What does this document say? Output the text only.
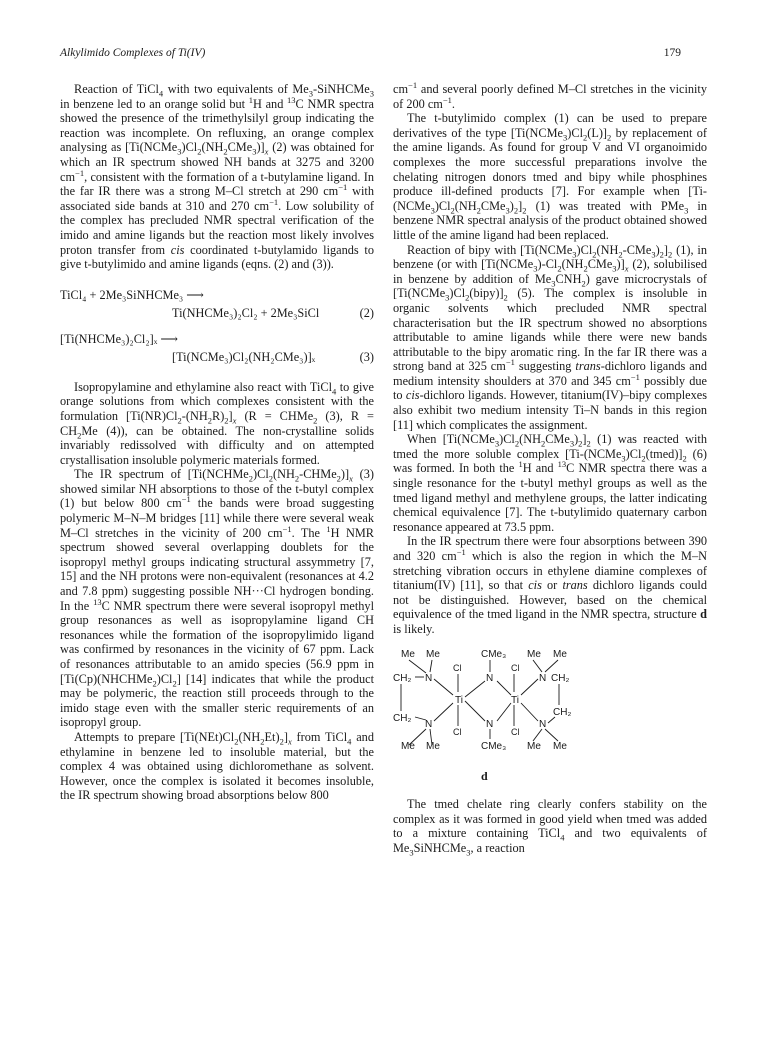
Alkylimido Complexes of Ti(IV)	179

Reaction of TiCl$_4$ with two equivalents of $Me_3-SiNHCMe_3$ in benzene led to an orange solid but $^1$H and $^{13}$C NMR spectra showed the presence of the trimethylsilyl group indicating the reaction was incomplete. On refluxing, an orange complex analysing as $[Ti(NCMe_3)Cl_2(NH_2CMe_3)]_x$ (2) was obtained for which an IR spectrum showed NH bands at 3275 and 3200 $cm^{-1}$, consistent with the formation of a t-butylamine ligand. In the far IR there was a strong M–Cl stretch at 290 $cm^{-1}$ with associated side bands at 310 and 270 $cm^{-1}$. Low solubility of the complex has precluded NMR spectral verification of the imido and amine ligands but the reaction most likely involves proton transfer from cis coordinated t-butylamido ligands to give t-butylimido and amine ligands (eqns. (2) and (3)).

TiCl₄ + 2Me₃SiNHCMe₃ ⟶
Ti(NHCMe₃)₂Cl₂ + 2Me₃SiCl	(2)
[Ti(NHCMe₃)₂Cl₂]ₓ ⟶
[Ti(NCMe₃)Cl₂(NH₂CMe₃)]ₓ	(3)

Isopropylamine and ethylamine also react with TiCl$_4$ to give orange solutions from which complexes consistent with the formulation $[Ti(NR)Cl_2-(NH_2R)_2]_x$ (R = CHMe$_2$ (3), $R = CH_2Me$ (4)), can be obtained. The non-crystalline solids invariably redissolved with difficulty and on attempted crystallisation insoluble polymeric materials formed.

The IR spectrum of $[Ti(NCHMe_2)Cl_2(NH_2-CHMe_2)]_x$ (3) showed similar NH absorptions to those of the t-butyl complex (1) but below 800 $cm^{-1}$ the bands were broad suggesting polymeric M–N–M bridges [11] while there were several weak M–Cl stretches in the vicinity of 200 $cm^{-1}$. The $^1$H NMR spectrum showed several overlapping doublets for the isopropyl methyl groups indicating structural assymmetry [7, 15] and the NH protons were non-equivalent (resonances at 4.2 and 7.8 ppm) suggesting possible NH···Cl hydrogen bonding. In the $^{13}$C NMR spectrum there were several isopropyl methyl group resonances as well as isopropylamine ligand CH resonances while the formation of the isopropylimido ligand was confirmed by resonances in the vicinity of 67 ppm. Lack of resonances attributable to an amido species (56.9 ppm in $[Ti(Cp)(NHCHMe_2)Cl_2]$ [14] indicates that while the product may be polymeric, the reaction still proceeds through to the imido stage even with the smaller steric requirements of an isopropyl group.

Attempts to prepare $[Ti(NEt)Cl_2(NH_2Et)_2]_x$ from TiCl$_4$ and ethylamine in benzene led to insoluble material, but the complex 4 was obtained using dichloromethane as solvent. However, once the complex is isolated it becomes insoluble, the IR spectrum showing broad absorptions below 800

$cm^{-1}$ and several poorly defined M–Cl stretches in the vicinity of 200 $cm^{-1}$.

The t-butylimido complex (1) can be used to prepare derivatives of the type $[Ti(NCMe_3)Cl_2(L)]_2$ by replacement of the amine ligands. As found for group V and VI organoimido complexes the more successful preparations involve the chelating nitrogen donors tmed and bipy while phosphines produce ill-defined products [7]. For example when $[Ti-(NCMe_3)Cl_2(NH_2CMe_3)_2]_2$ (1) was treated with PMe$_3$ in benzene NMR spectral analysis of the product obtained showed little of the amine ligand had been replaced.

Reaction of bipy with $[Ti(NCMe_3)Cl_2(NH_2-CMe_3)_2]_2$ (1), in benzene (or with $[Ti(NCMe_3)-Cl_2(NH_2CMe_3)]_x$ (2), solubilised in benzene by addition of $Me_3CNH_2$) gave microcrystals of $[Ti(NCMe_3)Cl_2(bipy)]_2$ (5). The complex is insoluble in organic solvents which precluded NMR spectral characterisation but the IR spectrum showed no absorptions attributable to amine ligands while there were new bands attributable to the bipy aromatic ring. In the far IR there was a strong band at 325 $cm^{-1}$ suggesting trans-dichloro ligands and medium intensity shoulders at 370 and 345 $cm^{-1}$ possibly due to cis-dichloro ligands. However, titanium(IV)–bipy complexes also exhibit two medium intensity Ti–N bands in this region [11] which complicates the assignment.

When $[Ti(NCMe_3)Cl_2(NH_2CMe_3)_2]_2$ (1) was reacted with tmed the more soluble complex $[Ti-(NCMe_3)Cl_2(tmed)]_2$ (6) was formed. In both the $^1$H and $^{13}$C NMR spectra there was a single resonance for the t-butyl methyl groups as well as the tmed ligand methyl and methylene groups, the latter indicating chemical equivalence [7]. The t-butylimido quaternary carbon resonance appeared at 73.5 ppm.

In the IR spectrum there were four absorptions between 390 and 320 $cm^{-1}$ which is also the region in which the M–N stretching vibration occurs in ethylene diamine complexes of titanium(IV) [11], so that cis or trans dichloro ligands could not be distinguished. However, based on the chemical equivalence of the tmed ligand in the NMR spectra, structure d is likely.

Me Me	CMe₃ Me Me
Cl	Cl
CH₂ N	N	N CH₂
Ti	Ti
CH₂
N	N	N
CH₂
Cl	Cl
Me Me	CMe₃ Me Me
d

The tmed chelate ring clearly confers stability on the complex as it was formed in good yield when tmed was added to a mixture containing TiCl$_4$ and two equivalents of $Me_3SiNHCMe_3$, a reaction
